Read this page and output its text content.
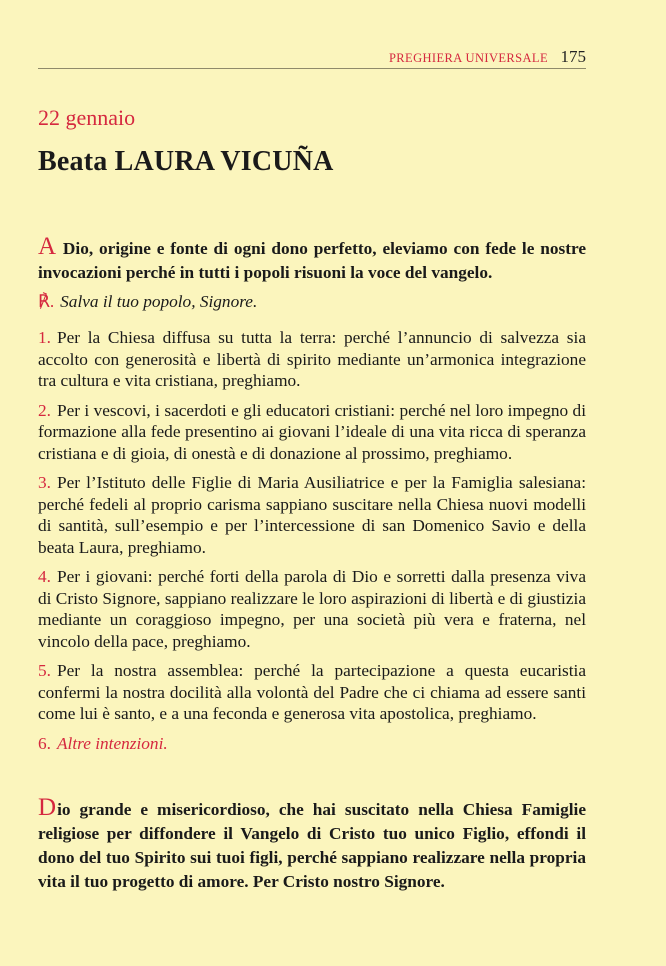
PREGHIERA UNIVERSALE 175
22 gennaio
Beata LAURA VICUÑA
A Dio, origine e fonte di ogni dono perfetto, eleviamo con fede le nostre invocazioni perché in tutti i popoli risuoni la voce del vangelo.
℟. Salva il tuo popolo, Signore.

1. Per la Chiesa diffusa su tutta la terra: perché l’annuncio di salvezza sia accolto con generosità e libertà di spirito mediante un’armonica integrazione tra cultura e vita cristiana, preghiamo.

2. Per i vescovi, i sacerdoti e gli educatori cristiani: perché nel loro impegno di formazione alla fede presentino ai giovani l’ideale di una vita ricca di speranza cristiana e di gioia, di onestà e di donazione al prossimo, preghiamo.

3. Per l’Istituto delle Figlie di Maria Ausiliatrice e per la Famiglia salesiana: perché fedeli al proprio carisma sappiano suscitare nella Chiesa nuovi modelli di santità, sull’esempio e per l’intercessione di san Domenico Savio e della beata Laura, preghiamo.

4. Per i giovani: perché forti della parola di Dio e sorretti dalla presenza viva di Cristo Signore, sappiano realizzare le loro aspirazioni di libertà e di giustizia mediante un coraggioso impegno, per una società più vera e fraterna, nel vincolo della pace, preghiamo.

5. Per la nostra assemblea: perché la partecipazione a questa eucaristia confermi la nostra docilità alla volontà del Padre che ci chiama ad essere santi come lui è santo, e a una feconda e generosa vita apostolica, preghiamo.

6. Altre intenzioni.

Dio grande e misericordioso, che hai suscitato nella Chiesa Famiglie religiose per diffondere il Vangelo di Cristo tuo unico Figlio, effondi il dono del tuo Spirito sui tuoi figli, perché sappiano realizzare nella propria vita il tuo progetto di amore. Per Cristo nostro Signore.
